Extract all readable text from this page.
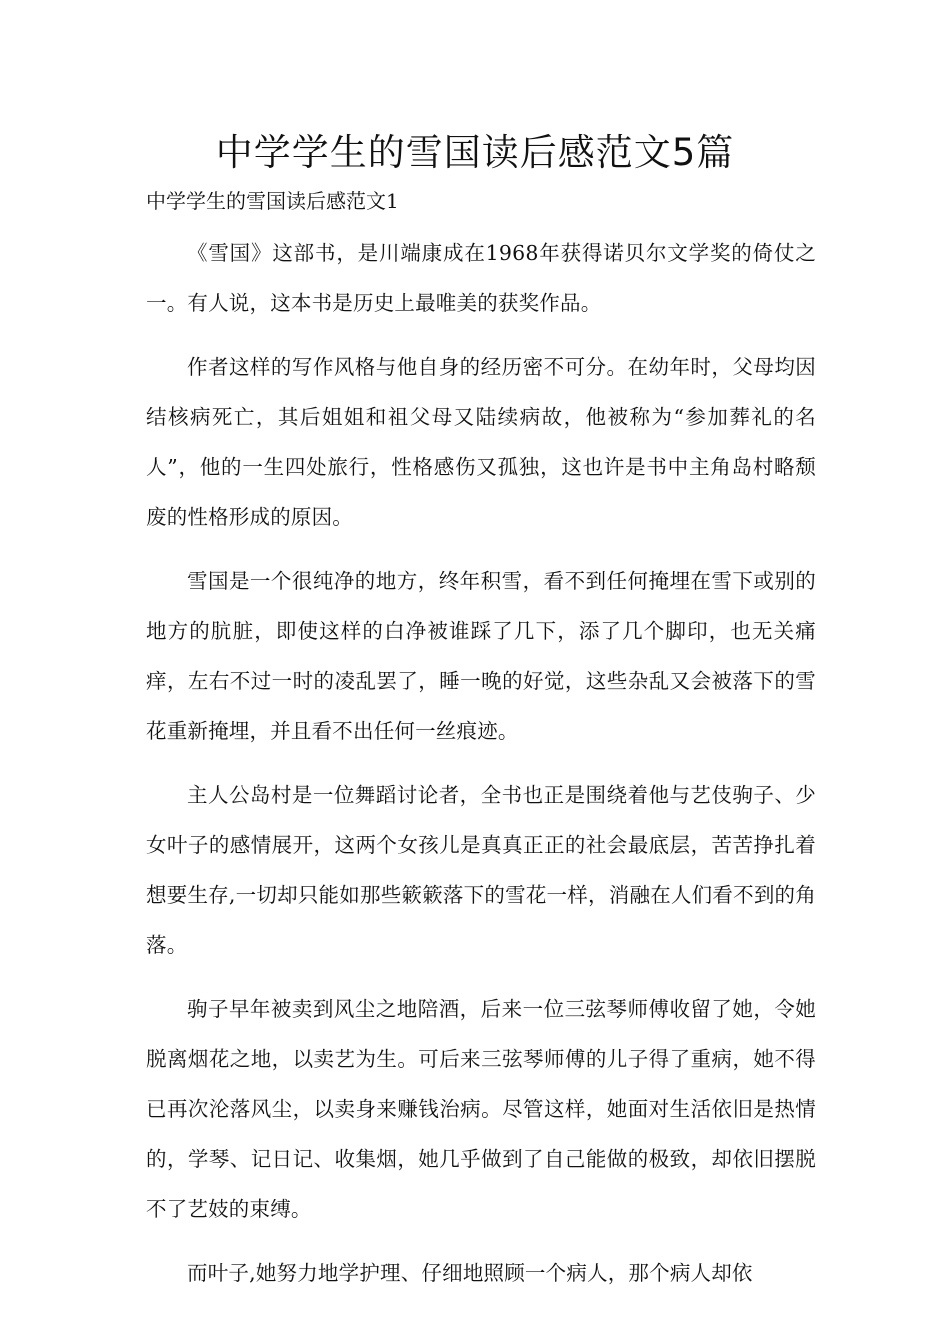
中学学生的雪国读后感范文5篇

中学学生的雪国读后感范文1

《雪国》这部书，是川端康成在1968年获得诺贝尔文学奖的倚仗之一。有人说，这本书是历史上最唯美的获奖作品。

作者这样的写作风格与他自身的经历密不可分。在幼年时，父母均因结核病死亡，其后姐姐和祖父母又陆续病故，他被称为“参加葬礼的名人”，他的一生四处旅行，性格感伤又孤独，这也许是书中主角岛村略颓废的性格形成的原因。

雪国是一个很纯净的地方，终年积雪，看不到任何掩埋在雪下或别的地方的肮脏，即使这样的白净被谁踩了几下，添了几个脚印，也无关痛痒，左右不过一时的凌乱罢了，睡一晚的好觉，这些杂乱又会被落下的雪花重新掩埋，并且看不出任何一丝痕迹。

主人公岛村是一位舞蹈讨论者，全书也正是围绕着他与艺伎驹子、少女叶子的感情展开，这两个女孩儿是真真正正的社会最底层，苦苦挣扎着想要生存,一切却只能如那些簌簌落下的雪花一样，消融在人们看不到的角落。

驹子早年被卖到风尘之地陪酒，后来一位三弦琴师傅收留了她，令她脱离烟花之地，以卖艺为生。可后来三弦琴师傅的儿子得了重病，她不得已再次沦落风尘，以卖身来赚钱治病。尽管这样，她面对生活依旧是热情的，学琴、记日记、收集烟，她几乎做到了自己能做的极致，却依旧摆脱不了艺妓的束缚。

而叶子,她努力地学护理、仔细地照顾一个病人，那个病人却依
